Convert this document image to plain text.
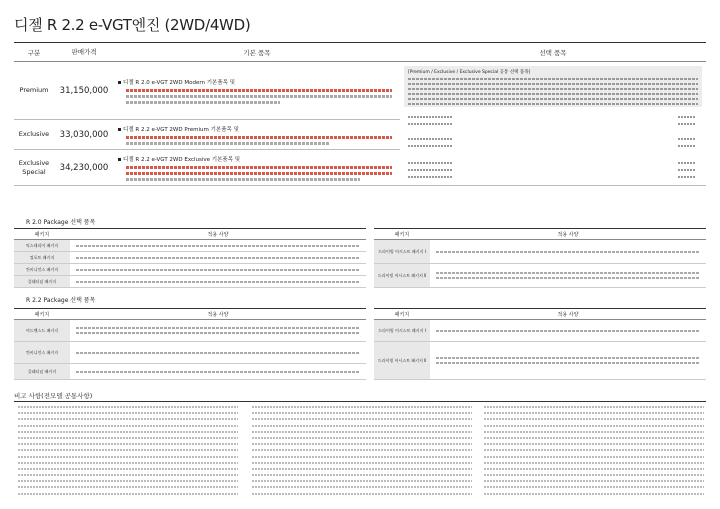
디젤 R 2.2 e-VGT엔진 (2WD/4WD)
구분	판매가격	기본 품목	선택 품목

Premium	31,150,000	디젤 R 2.0 e-VGT 2WD Modern 기본품목 및	[Premium / Exclusive / Exclusive Special 공통 선택 품목]

Exclusive	33,030,000	디젤 R 2.2 e-VGT 2WD Premium 기본품목 및	

Exclusive Special	34,230,000	디젤 R 2.2 e-VGT 2WD Exclusive 기본품목 및	
R 2.0 Package 선택 품목
패키지	적용 사양		패키지	적용 사양
익스테리어 패키지			드라이빙 어시스트 패키지 Ⅰ	

컴포트 패키지			

컨비니언스 패키지			드라이빙 어시스트 패키지 Ⅱ	

플래티넘 패키지			

R 2.2 Package 선택 품목
패키지	적용 사양		패키지	적용 사양
어드밴스드 패키지			드라이빙 어시스트 패키지 Ⅰ	

컨비니언스 패키지			드라이빙 어시스트 패키지 Ⅱ	

플래티넘 패키지			

비고 사항(전모델 공통사항)
